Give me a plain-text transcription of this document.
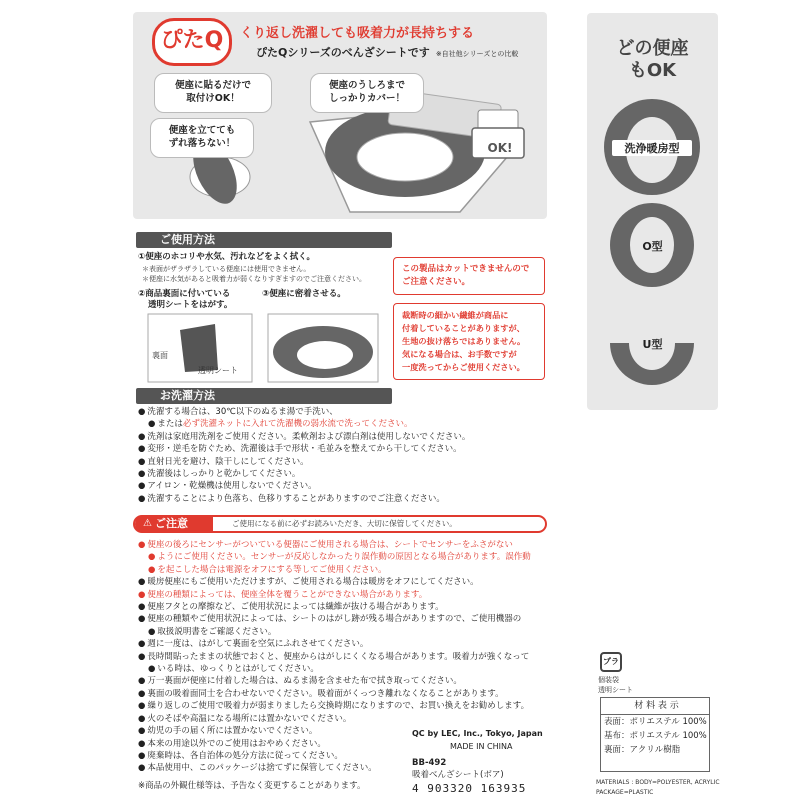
ぴたQ	くり返し洗濯しても吸着力が長持ちする
ぴたQシリーズのべんざシートです ※自社他シリーズとの比較
便座に貼るだけで
取付けOK！
便座のうしろまで
しっかりカバー！
便座を立てても
ずれ落ちない！	OK!
ご使用方法
①便座のホコリや水気、汚れなどをよく拭く。
＊表面がザラザラしている便座には使用できません。
＊便座に水気があると吸着力が弱くなりすぎますのでご注意ください。
②商品裏面に付いている
透明シートをはがす。
③便座に密着させる。
裏面
透明シート
この製品はカットできませんので
ご注意ください。
裁断時の細かい繊維が商品に
付着していることがありますが、
生地の抜け落ちではありません。
気になる場合は、お手数ですが
一度洗ってからご使用ください。
お洗濯方法
● 洗濯する場合は、30℃以下のぬるま湯で手洗い、
● または必ず洗濯ネットに入れて洗濯機の弱水流で洗ってください。
● 洗剤は家庭用洗剤をご使用ください。柔軟剤および漂白剤は使用しないでください。
● 変形・逆毛を防ぐため、洗濯後は手で形状・毛並みを整えてから干してください。
● 直射日光を避け、陰干しにしてください。
● 洗濯後はしっかりと乾かしてください。
● アイロン・乾燥機は使用しないでください。
● 洗濯することにより色落ち、色移りすることがありますのでご注意ください。
ご注意
⚠	ご使用になる前に必ずお読みいただき、大切に保管してください。
● 便座の後ろにセンサーがついている便器にご使用される場合は、シートでセンサーをふさがない
● ようにご使用ください。センサーが反応しなかったり誤作動の原因となる場合があります。誤作動
● を起こした場合は電源をオフにする等してご使用ください。
● 暖房便座にもご使用いただけますが、ご使用される場合は暖房をオフにしてください。
● 便座の種類によっては、便座全体を覆うことができない場合があります。
● 便座フタとの摩擦など、ご使用状況によっては繊維が抜ける場合があります。
● 便座の種類やご使用状況によっては、シートのはがし跡が残る場合がありますので、ご使用機器の
● 取扱説明書をご確認ください。
● 週に一度は、はがして裏面を空気にふれさせてください。
● 長時間貼ったままの状態でおくと、便座からはがしにくくなる場合があります。吸着力が強くなって
● いる時は、ゆっくりとはがしてください。
● 万一裏面が便座に付着した場合は、ぬるま湯を含ませた布で拭き取ってください。
● 裏面の吸着面同士を合わせないでください。吸着面がくっつき離れなくなることがあります。
● 繰り返しのご使用で吸着力が弱まりましたら交換時期になりますので、お買い換えをお勧めします。
● 火のそばや高温になる場所には置かないでください。
● 幼児の手の届く所には置かないでください。
● 本来の用途以外でのご使用はおやめください。
● 廃棄時は、各自治体の処分方法に従ってください。
● 本品使用中、このパッケージは捨てずに保管してください。
※商品の外観仕様等は、予告なく変更することがあります。
QC by LEC, Inc., Tokyo, Japan
MADE IN CHINA
BB-492
吸着べんざシート(ボア)
4 903320 163935
どの便座
もOK
洗浄暖房型
O型
U型
プラ
個装袋
透明シート
材 料 表 示
表面：ポリエステル 100%
基布：ポリエステル 100%
裏面：アクリル樹脂
MATERIALS : BODY=POLYESTER, ACRYLIC
PACKAGE=PLASTIC
